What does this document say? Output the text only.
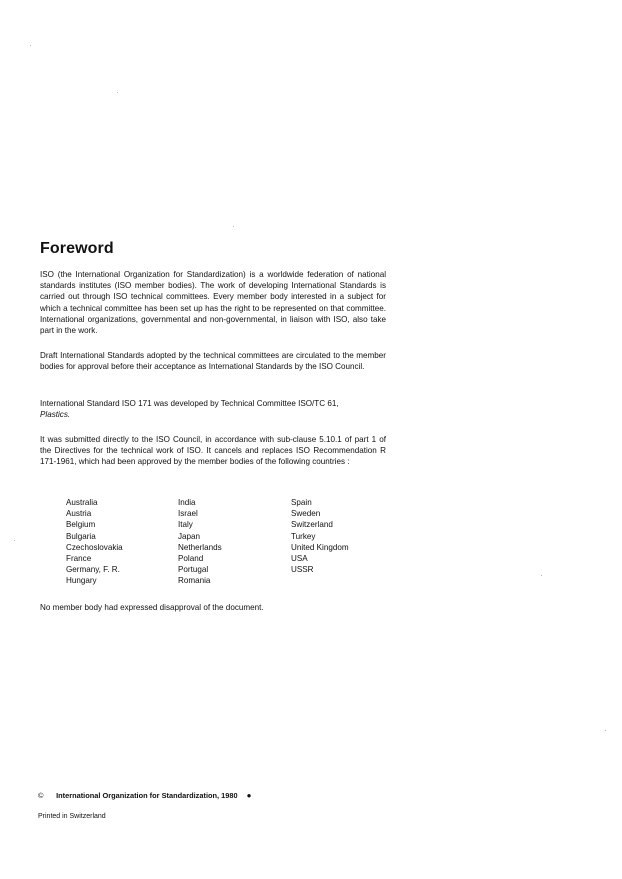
Foreword

ISO (the International Organization for Standardization) is a worldwide federation of national standards institutes (ISO member bodies). The work of developing International Standards is carried out through ISO technical committees. Every member body interested in a subject for which a technical committee has been set up has the right to be represented on that committee. International organizations, governmental and non-governmental, in liaison with ISO, also take part in the work.

Draft International Standards adopted by the technical committees are circulated to the member bodies for approval before their acceptance as International Standards by the ISO Council.

International Standard ISO 171 was developed by Technical Committee ISO/TC 61,
Plastics.

It was submitted directly to the ISO Council, in accordance with sub-clause 5.10.1 of part 1 of the Directives for the technical work of ISO. It cancels and replaces ISO Recommendation R 171-1961, which had been approved by the member bodies of the following countries :

Australia
Austria
Belgium
Bulgaria
Czechoslovakia
France
Germany, F. R.
Hungary
India
Israel
Italy
Japan
Netherlands
Poland
Portugal
Romania
Spain
Sweden
Switzerland
Turkey
United Kingdom
USA
USSR

No member body had expressed disapproval of the document.

© International Organization for Standardization, 1980 ●
Printed in Switzerland
